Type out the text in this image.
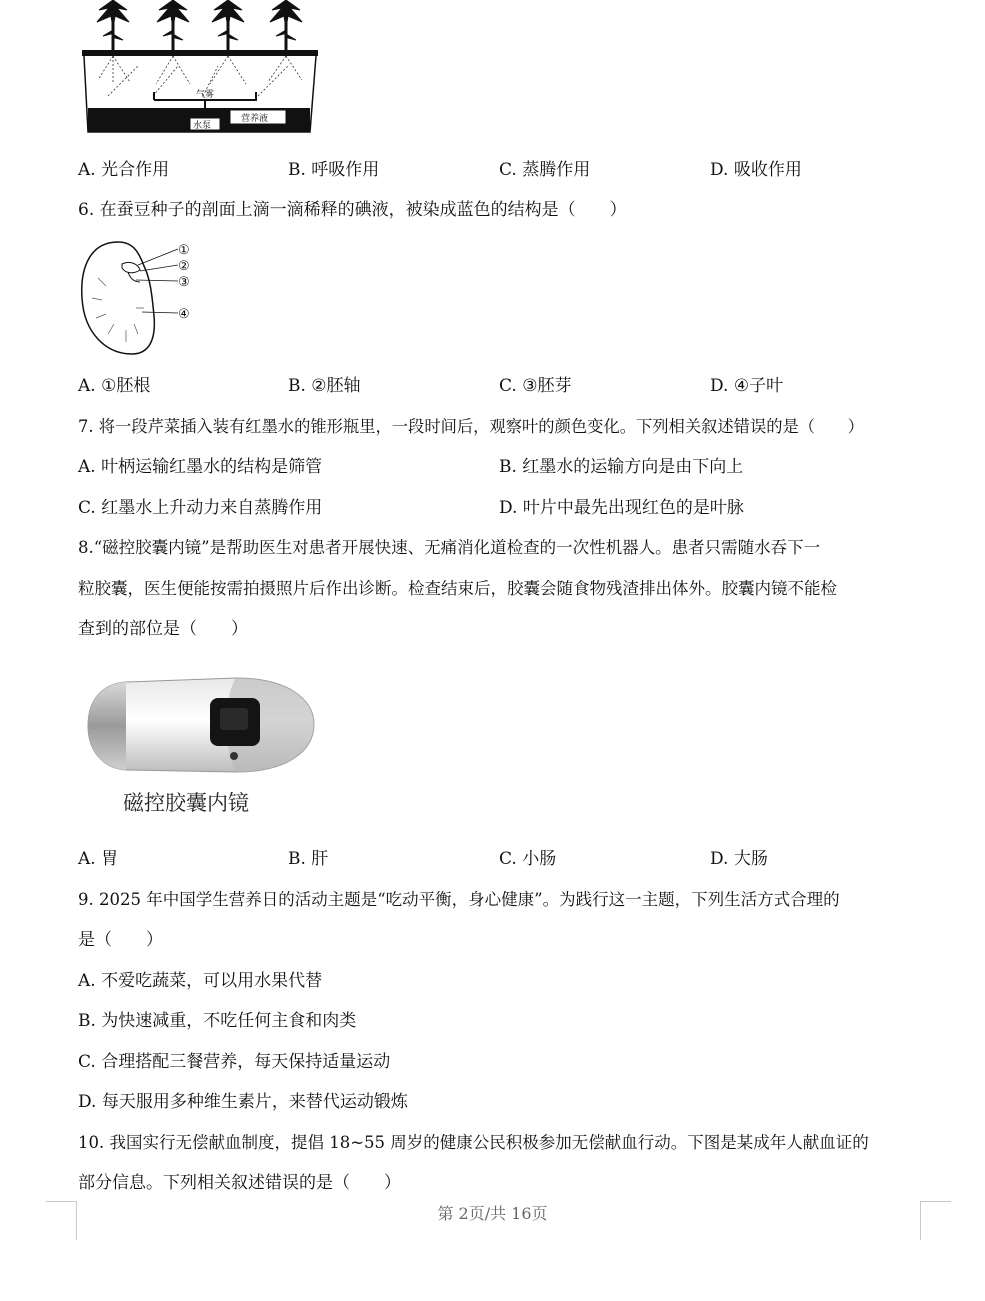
气雾
水泵
营养液
A. 光合作用	B. 呼吸作用	C. 蒸腾作用	D. 吸收作用
6. 在蚕豆种子的剖面上滴一滴稀释的碘液，被染成蓝色的结构是（　　）
①
②
③
④
A. ①胚根	B. ②胚轴	C. ③胚芽	D. ④子叶
7. 将一段芹菜插入装有红墨水的锥形瓶里，一段时间后，观察叶的颜色变化。下列相关叙述错误的是（　　）
A. 叶柄运输红墨水的结构是筛管	B. 红墨水的运输方向是由下向上
C. 红墨水上升动力来自蒸腾作用	D. 叶片中最先出现红色的是叶脉
8.“磁控胶囊内镜”是帮助医生对患者开展快速、无痛消化道检查的一次性机器人。患者只需随水吞下一
粒胶囊，医生便能按需拍摄照片后作出诊断。检查结束后，胶囊会随食物残渣排出体外。胶囊内镜不能检
查到的部位是（　　）
磁控胶囊内镜
A. 胃	B. 肝	C. 小肠	D. 大肠
9. 2025 年中国学生营养日的活动主题是“吃动平衡，身心健康”。为践行这一主题，下列生活方式合理的
是（　　）
A. 不爱吃蔬菜，可以用水果代替
B. 为快速减重，不吃任何主食和肉类
C. 合理搭配三餐营养，每天保持适量运动
D. 每天服用多种维生素片，来替代运动锻炼
10. 我国实行无偿献血制度，提倡 18~55 周岁的健康公民积极参加无偿献血行动。下图是某成年人献血证的
部分信息。下列相关叙述错误的是（　　）
第 2页/共 16页
